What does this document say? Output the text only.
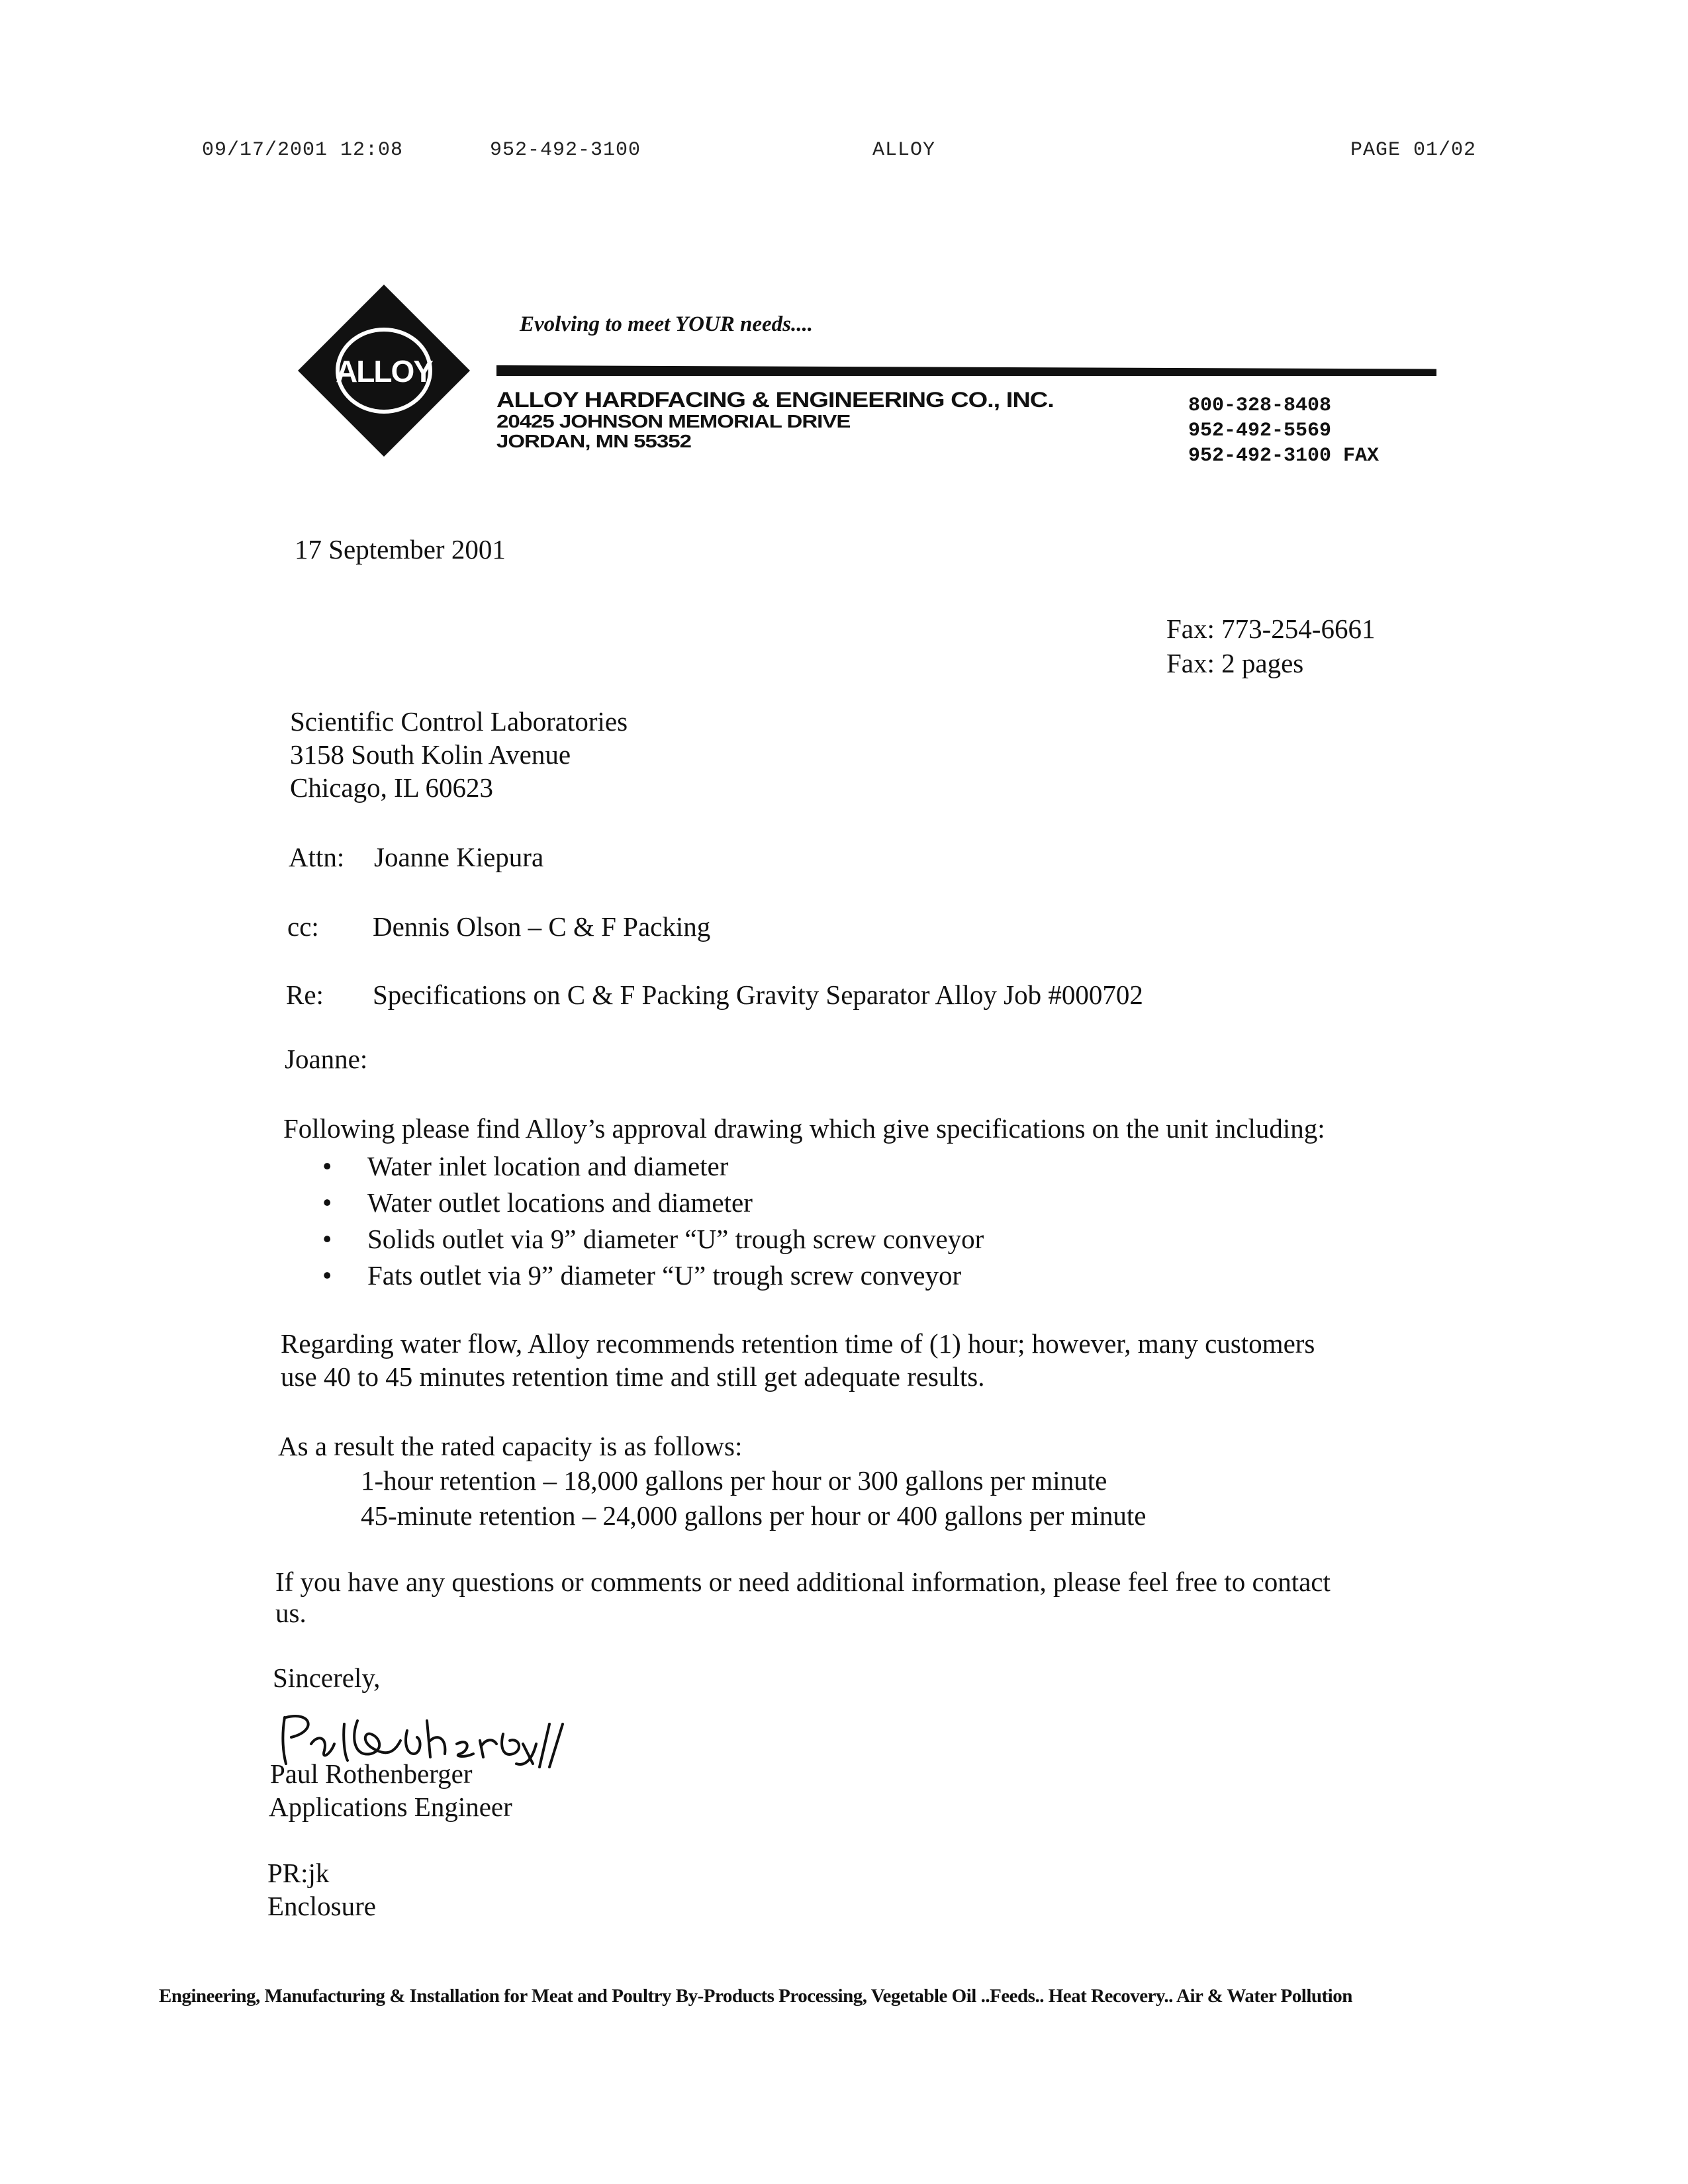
09/17/2001 12:08	952-492-3100	ALLOY	PAGE 01/02
ALLOY
Evolving to meet YOUR needs....
ALLOY HARDFACING & ENGINEERING CO., INC.
20425 JOHNSON MEMORIAL DRIVE
JORDAN, MN 55352
800-328-8408
952-492-5569
952-492-3100 FAX
17 September 2001
Fax: 773-254-6661
Fax: 2 pages
Scientific Control Laboratories
3158 South Kolin Avenue
Chicago, IL 60623
Attn: Joanne Kiepura
cc: Dennis Olson – C & F Packing
Re: Specifications on C & F Packing Gravity Separator Alloy Job #000702
Joanne:
Following please find Alloy’s approval drawing which give specifications on the unit including:
• Water inlet location and diameter
• Water outlet locations and diameter
• Solids outlet via 9” diameter “U” trough screw conveyor
• Fats outlet via 9” diameter “U” trough screw conveyor
Regarding water flow, Alloy recommends retention time of (1) hour; however, many customers
use 40 to 45 minutes retention time and still get adequate results.
As a result the rated capacity is as follows:
1-hour retention – 18,000 gallons per hour or 300 gallons per minute
45-minute retention – 24,000 gallons per hour or 400 gallons per minute
If you have any questions or comments or need additional information, please feel free to contact
us.
Sincerely,
Paul Rothenberger
Applications Engineer
PR:jk
Enclosure
Engineering, Manufacturing & Installation for Meat and Poultry By-Products Processing, Vegetable Oil ..Feeds.. Heat Recovery.. Air & Water Pollution
